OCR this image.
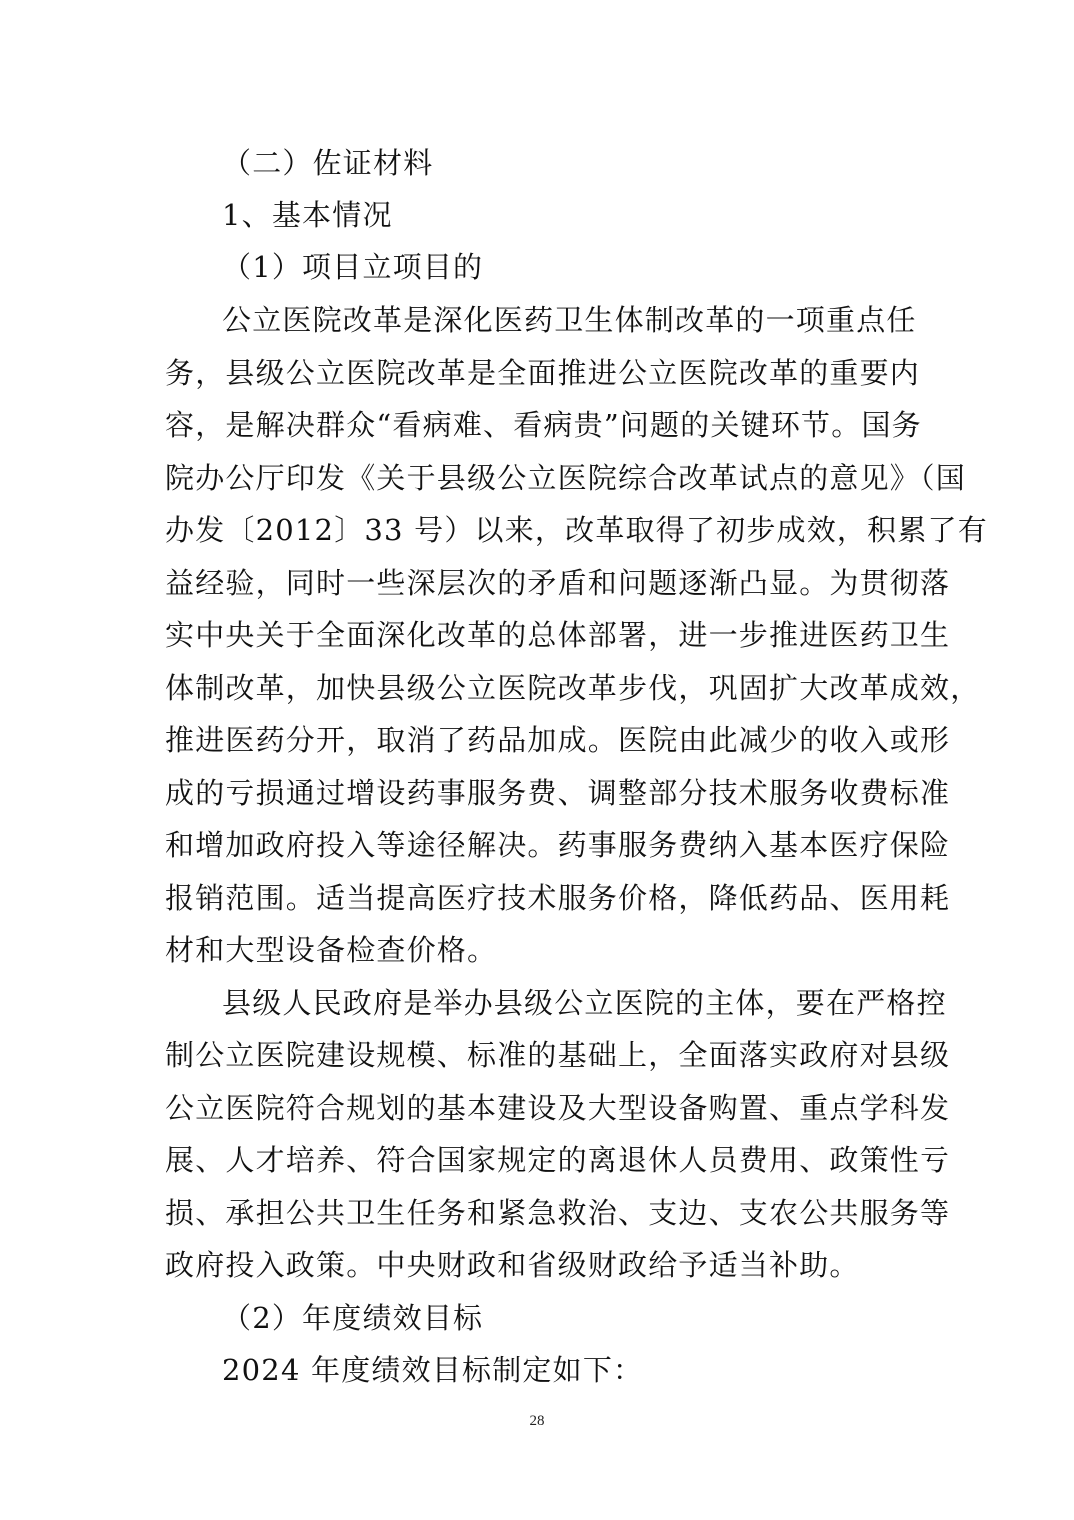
（二）佐证材料
1、基本情况
（1）项目立项目的
公立医院改革是深化医药卫生体制改革的一项重点任
务，县级公立医院改革是全面推进公立医院改革的重要内
容，是解决群众“看病难、看病贵”问题的关键环节。国务
院办公厅印发《关于县级公立医院综合改革试点的意见》（国
办发〔2012〕33 号）以来，改革取得了初步成效，积累了有
益经验，同时一些深层次的矛盾和问题逐渐凸显。为贯彻落
实中央关于全面深化改革的总体部署，进一步推进医药卫生
体制改革，加快县级公立医院改革步伐，巩固扩大改革成效，
推进医药分开，取消了药品加成。医院由此减少的收入或形
成的亏损通过增设药事服务费、调整部分技术服务收费标准
和增加政府投入等途径解决。药事服务费纳入基本医疗保险
报销范围。适当提高医疗技术服务价格，降低药品、医用耗
材和大型设备检查价格。
县级人民政府是举办县级公立医院的主体，要在严格控
制公立医院建设规模、标准的基础上，全面落实政府对县级
公立医院符合规划的基本建设及大型设备购置、重点学科发
展、人才培养、符合国家规定的离退休人员费用、政策性亏
损、承担公共卫生任务和紧急救治、支边、支农公共服务等
政府投入政策。中央财政和省级财政给予适当补助。
（2）年度绩效目标
2024 年度绩效目标制定如下：
28
